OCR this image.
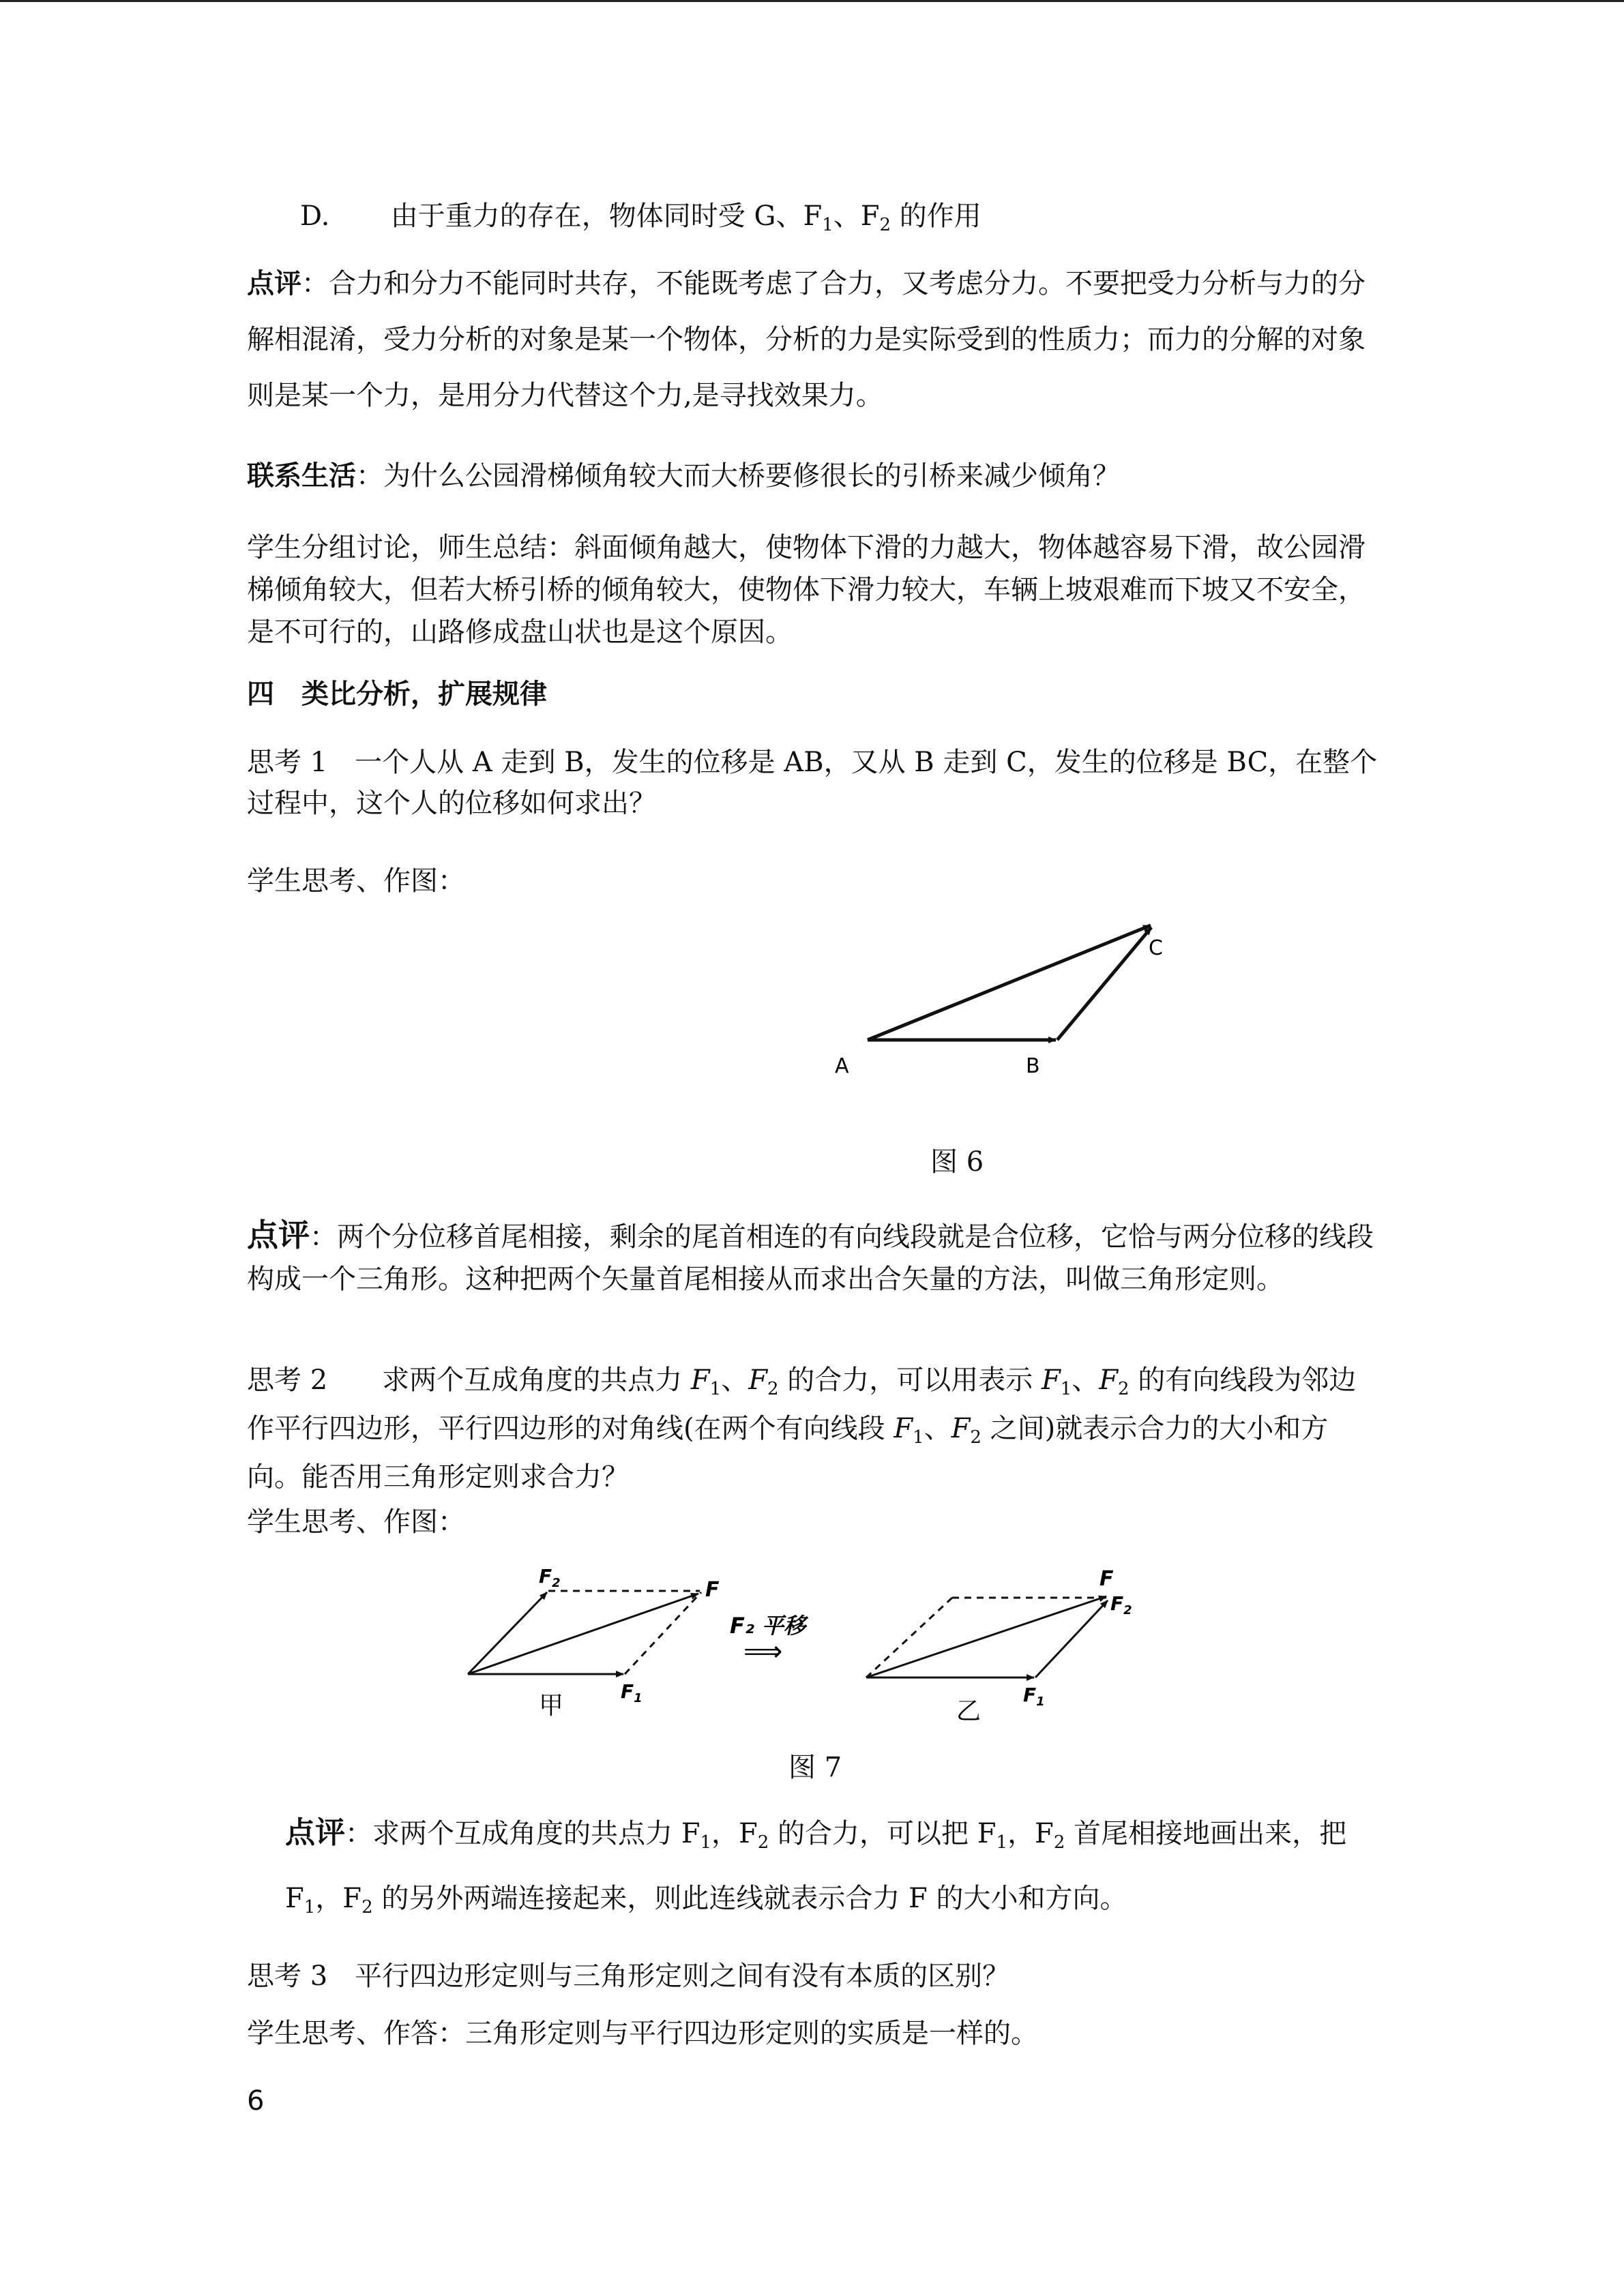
D. 由于重力的存在，物体同时受 G、$F_1$、$F_2$ 的作用

点评：合力和分力不能同时共存，不能既考虑了合力，又考虑分力。不要把受力分析与力的分解相混淆，受力分析的对象是某一个物体，分析的力是实际受到的性质力；而力的分解的对象则是某一个力，是用分力代替这个力,是寻找效果力。

联系生活：为什么公园滑梯倾角较大而大桥要修很长的引桥来减少倾角？

学生分组讨论，师生总结：斜面倾角越大，使物体下滑的力越大，物体越容易下滑，故公园滑梯倾角较大，但若大桥引桥的倾角较大，使物体下滑力较大，车辆上坡艰难而下坡又不安全，是不可行的，山路修成盘山状也是这个原因。

四　类比分析，扩展规律

思考 1　一个人从 A 走到 B，发生的位移是 AB，又从 B 走到 C，发生的位移是 BC，在整个过程中，这个人的位移如何求出？

学生思考、作图：

A	B
C
图 6

点评：两个分位移首尾相接，剩余的尾首相连的有向线段就是合位移，它恰与两分位移的线段构成一个三角形。这种把两个矢量首尾相接从而求出合矢量的方法，叫做三角形定则。

思考 2　　求两个互成角度的共点力 $F_1$、$F_2$ 的合力，可以用表示 $F_1$、$F_2$ 的有向线段为邻边作平行四边形，平行四边形的对角线(在两个有向线段 $F_1$、$F_2$ 之间)就表示合力的大小和方向。能否用三角形定则求合力？

学生思考、作图：

$F_2$	F
$F_1$
甲
F₂ 平移
⟹
F
$F_2$
$F_1$
乙
图 7

点评：求两个互成角度的共点力 $F_1$，$F_2$ 的合力，可以把 $F_1$，$F_2$ 首尾相接地画出来，把

$F_1$，$F_2$ 的另外两端连接起来，则此连线就表示合力 F 的大小和方向。

思考 3　平行四边形定则与三角形定则之间有没有本质的区别？

学生思考、作答：三角形定则与平行四边形定则的实质是一样的。

6
